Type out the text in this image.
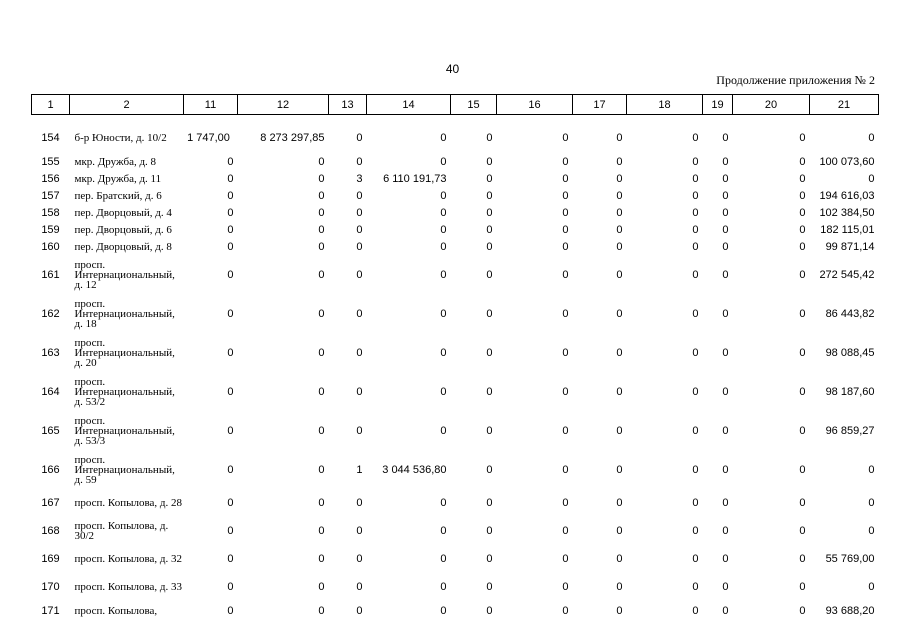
40
Продолжение приложения № 2
1	2	11	12	13	14	15	16	17	18	19	20	21

154	б-р Юности, д. 10/2	1 747,00	8 273 297,85	0	0	0	0	0	0	0	0	0
155	мкр. Дружба, д. 8	0	0	0	0	0	0	0	0	0	0	100 073,60
156	мкр. Дружба, д. 11	0	0	3	6 110 191,73	0	0	0	0	0	0	0
157	пер. Братский, д. 6	0	0	0	0	0	0	0	0	0	0	194 616,03
158	пер. Дворцовый, д. 4	0	0	0	0	0	0	0	0	0	0	102 384,50
159	пер. Дворцовый, д. 6	0	0	0	0	0	0	0	0	0	0	182 115,01
160	пер. Дворцовый, д. 8	0	0	0	0	0	0	0	0	0	0	99 871,14
161	просп. Интернациональный, д. 12	0	0	0	0	0	0	0	0	0	0	272 545,42
162	просп. Интернациональный, д. 18	0	0	0	0	0	0	0	0	0	0	86 443,82
163	просп. Интернациональный, д. 20	0	0	0	0	0	0	0	0	0	0	98 088,45
164	просп. Интернациональный, д. 53/2	0	0	0	0	0	0	0	0	0	0	98 187,60
165	просп. Интернациональный, д. 53/3	0	0	0	0	0	0	0	0	0	0	96 859,27
166	просп. Интернациональный, д. 59	0	0	1	3 044 536,80	0	0	0	0	0	0	0
167	просп. Копылова, д. 28	0	0	0	0	0	0	0	0	0	0	0
168	просп. Копылова, д. 30/2	0	0	0	0	0	0	0	0	0	0	0
169	просп. Копылова, д. 32	0	0	0	0	0	0	0	0	0	0	55 769,00
170	просп. Копылова, д. 33	0	0	0	0	0	0	0	0	0	0	0
171	просп. Копылова,	0	0	0	0	0	0	0	0	0	0	93 688,20
